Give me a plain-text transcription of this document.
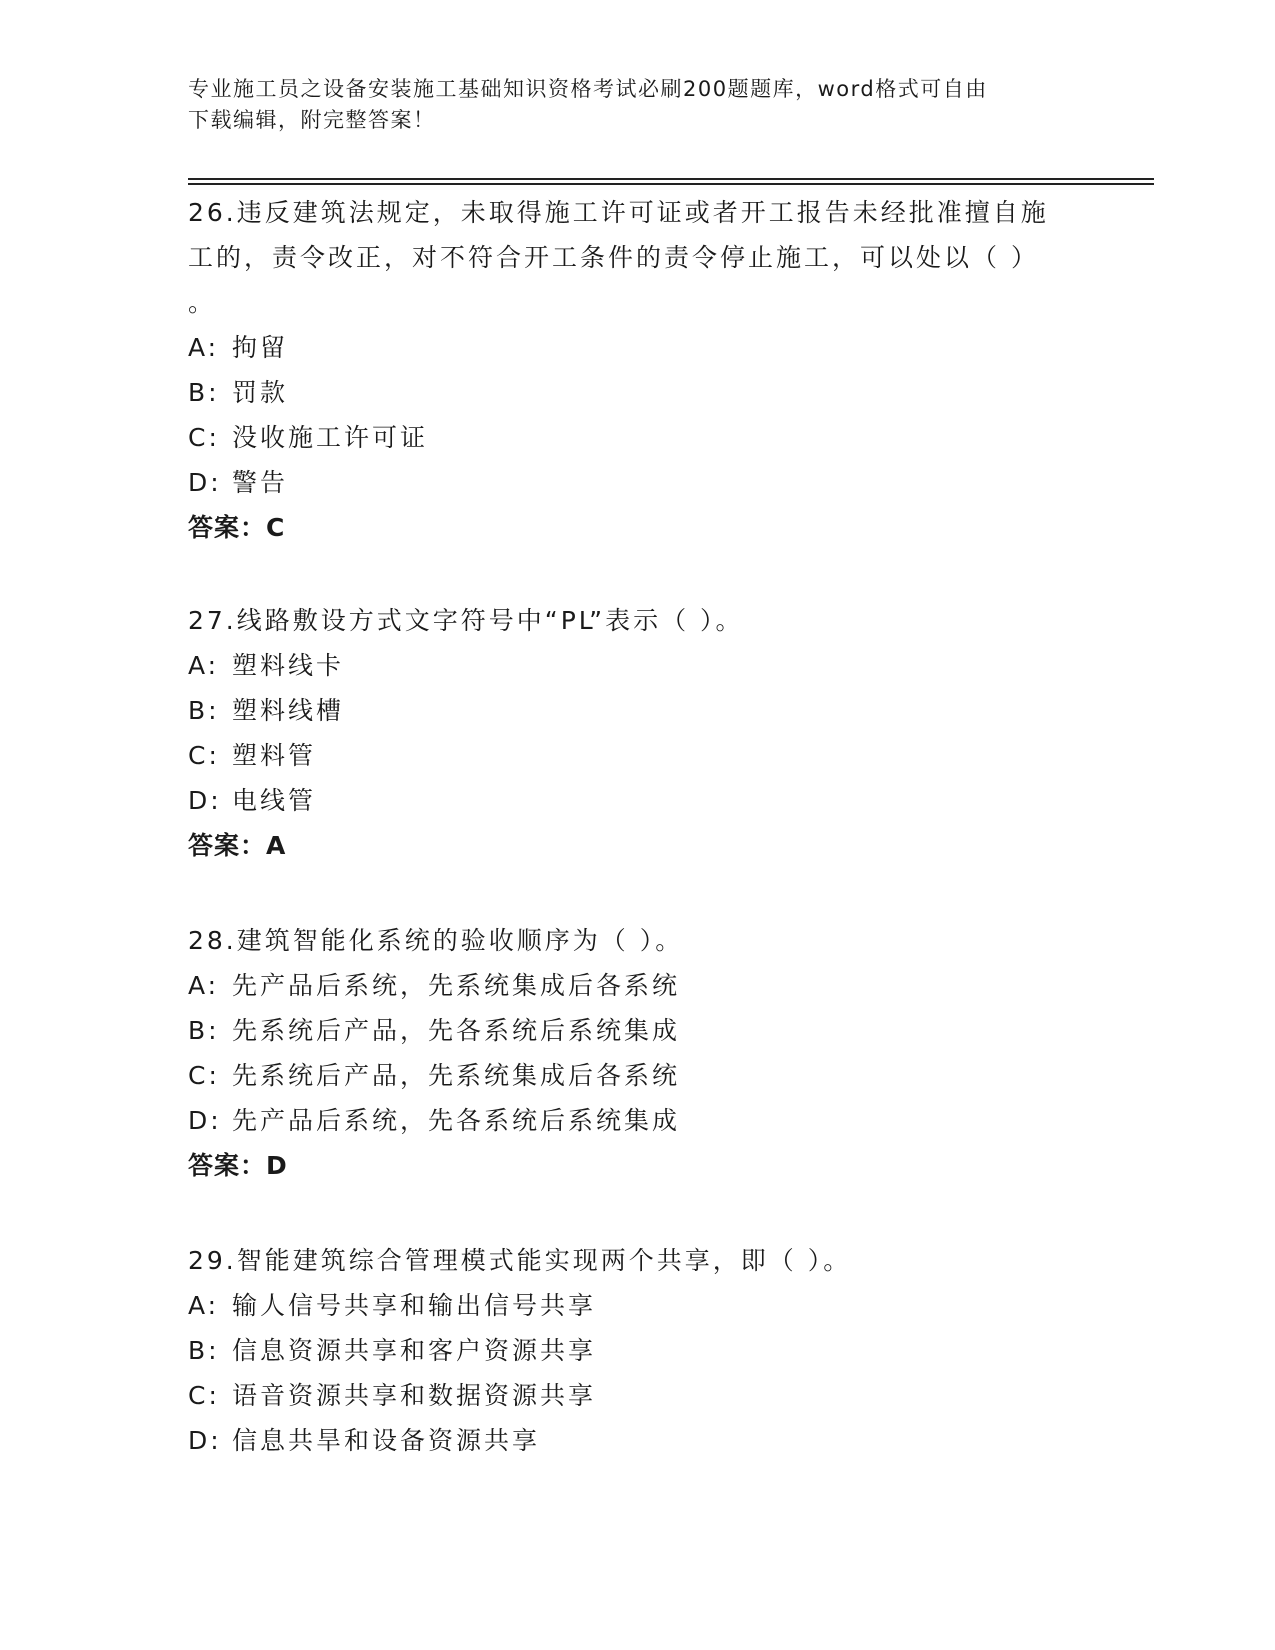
专业施工员之设备安装施工基础知识资格考试必刷200题题库，word格式可自由
下载编辑，附完整答案！
26.违反建筑法规定，未取得施工许可证或者开工报告未经批准擅自施
工的，责令改正，对不符合开工条件的责令停止施工，可以处以（ ）
。
A: 拘留
B: 罚款
C: 没收施工许可证
D: 警告
答案：C
27.线路敷设方式文字符号中“PL”表示（ ）。
A: 塑料线卡
B: 塑料线槽
C: 塑料管
D: 电线管
答案：A
28.建筑智能化系统的验收顺序为（ ）。
A: 先产品后系统，先系统集成后各系统
B: 先系统后产品，先各系统后系统集成
C: 先系统后产品，先系统集成后各系统
D: 先产品后系统，先各系统后系统集成
答案：D
29.智能建筑综合管理模式能实现两个共享，即（ ）。
A: 输人信号共享和输出信号共享
B: 信息资源共享和客户资源共享
C: 语音资源共享和数据资源共享
D: 信息共旱和设备资源共享
